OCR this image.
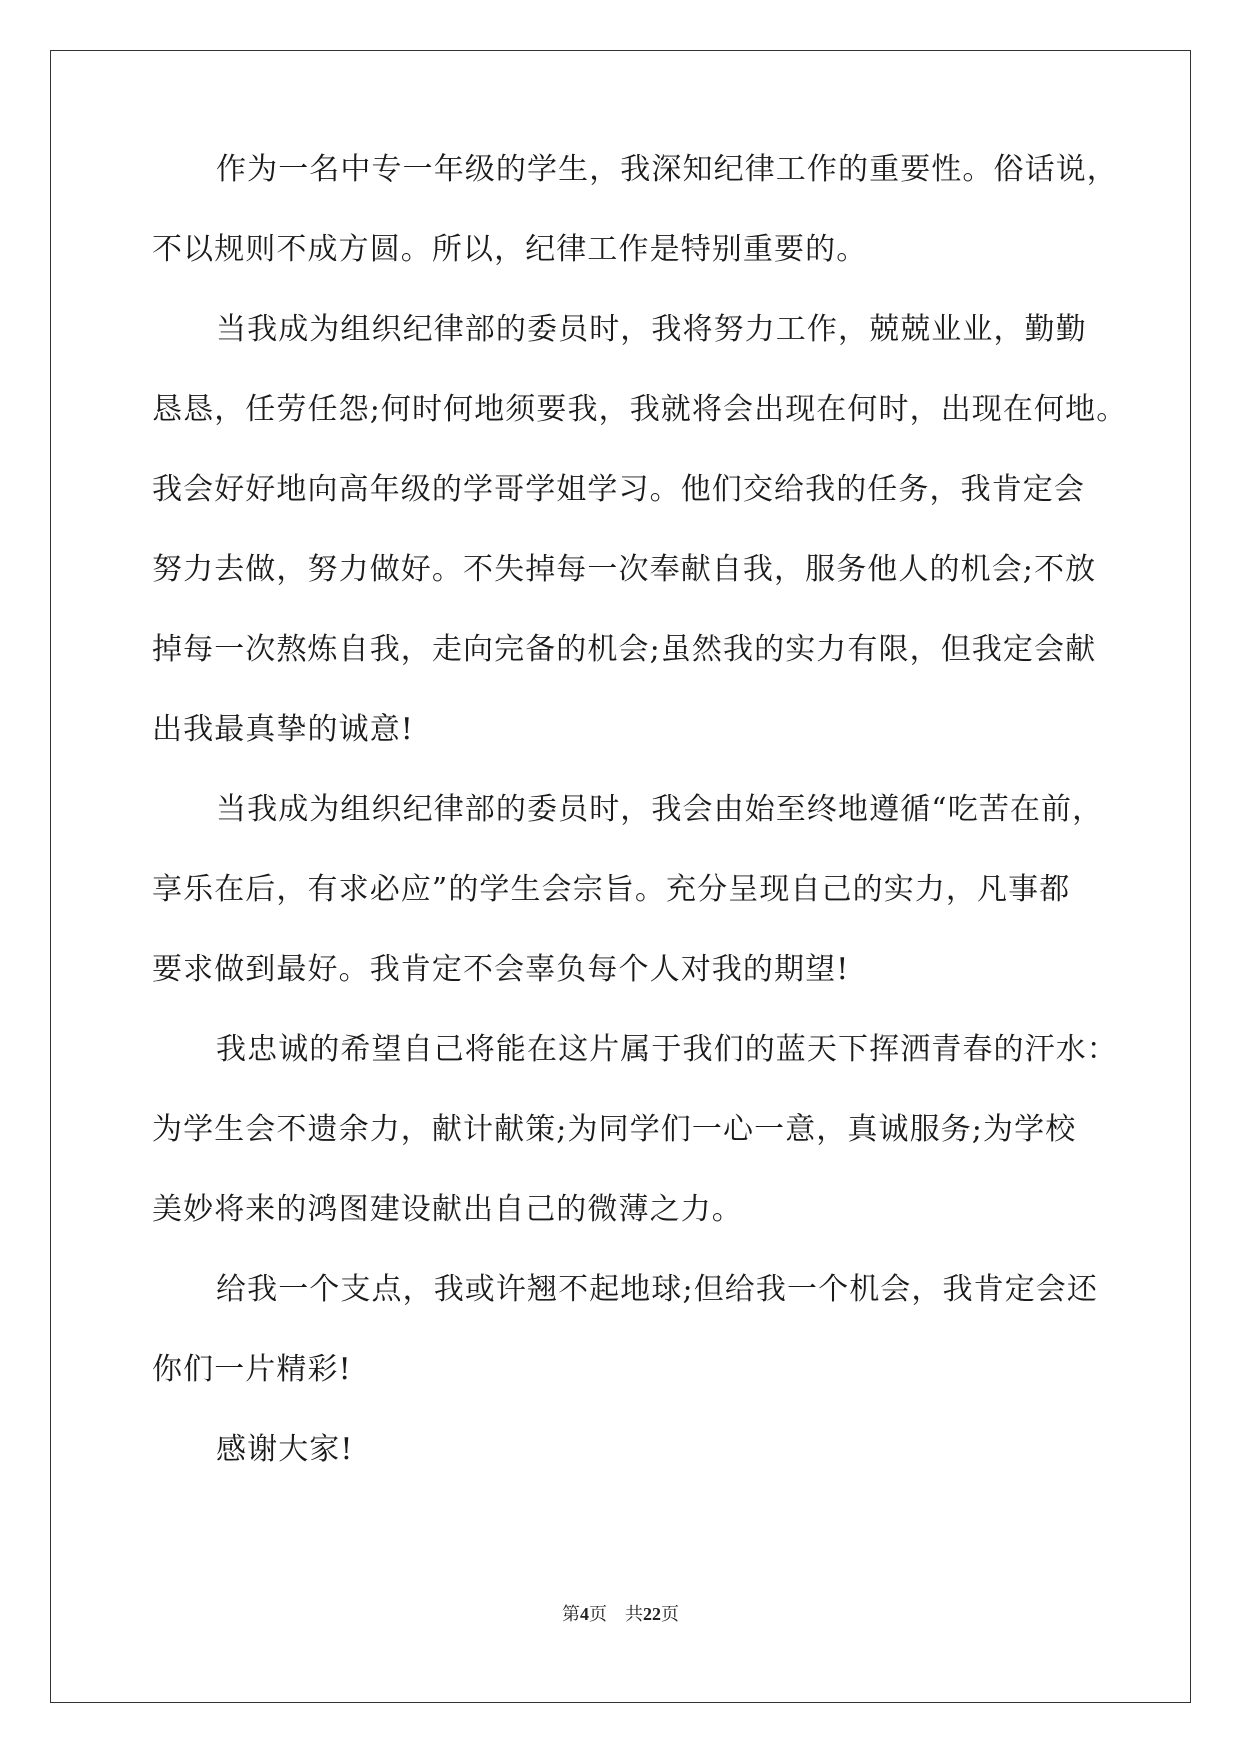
作为一名中专一年级的学生，我深知纪律工作的重要性。俗话说，

不以规则不成方圆。所以，纪律工作是特别重要的。

当我成为组织纪律部的委员时，我将努力工作，兢兢业业，勤勤

恳恳，任劳任怨;何时何地须要我，我就将会出现在何时，出现在何地。

我会好好地向高年级的学哥学姐学习。他们交给我的任务，我肯定会

努力去做，努力做好。不失掉每一次奉献自我，服务他人的机会;不放

掉每一次熬炼自我，走向完备的机会;虽然我的实力有限，但我定会献

出我最真挚的诚意!

当我成为组织纪律部的委员时，我会由始至终地遵循“吃苦在前，

享乐在后，有求必应”的学生会宗旨。充分呈现自己的实力，凡事都

要求做到最好。我肯定不会辜负每个人对我的期望!

我忠诚的希望自己将能在这片属于我们的蓝天下挥洒青春的汗水：

为学生会不遗余力，献计献策;为同学们一心一意，真诚服务;为学校

美妙将来的鸿图建设献出自己的微薄之力。

给我一个支点，我或许翘不起地球;但给我一个机会，我肯定会还

你们一片精彩!

感谢大家!

第4页 共22页
